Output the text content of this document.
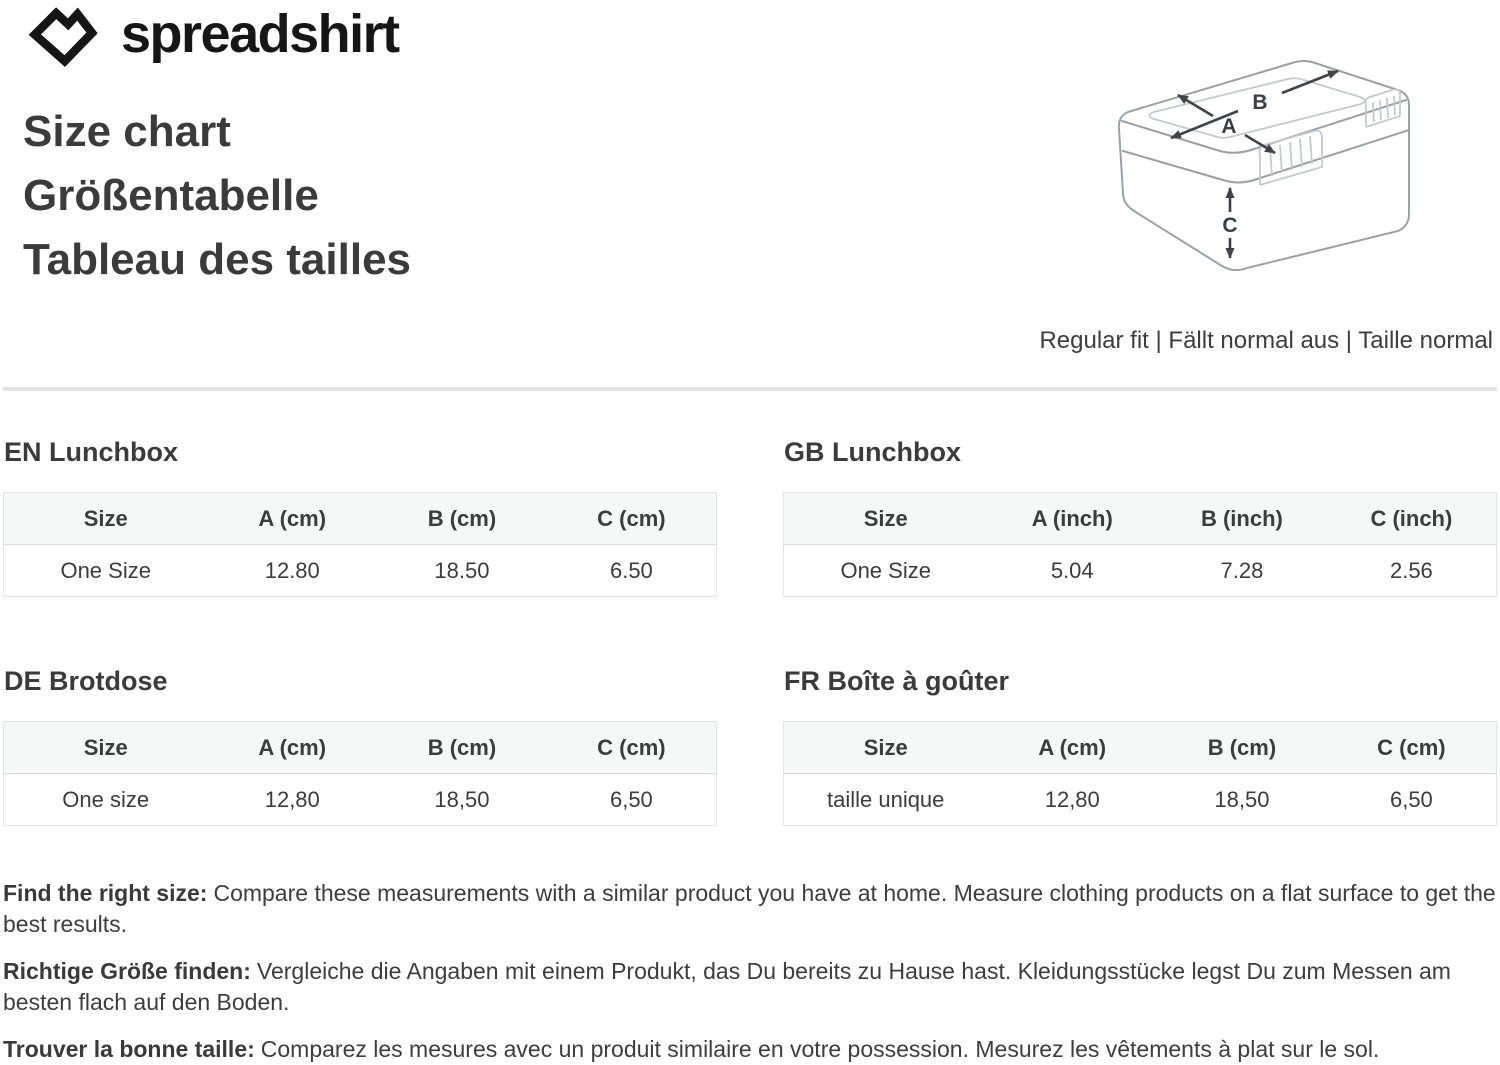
spreadshirt
Size chart
Größentabelle
Tableau des tailles
B
A
C
Regular fit | Fällt normal aus | Taille normal
EN Lunchbox
Size	A (cm)	B (cm)	C (cm)
One Size	12.80	18.50	6.50
GB Lunchbox
Size	A (inch)	B (inch)	C (inch)
One Size	5.04	7.28	2.56
DE Brotdose
Size	A (cm)	B (cm)	C (cm)
One size	12,80	18,50	6,50
FR Boîte à goûter
Size	A (cm)	B (cm)	C (cm)
taille unique	12,80	18,50	6,50

Find the right size: Compare these measurements with a similar product you have at home. Measure clothing products on a flat surface to get the best results.

Richtige Größe finden: Vergleiche die Angaben mit einem Produkt, das Du bereits zu Hause hast. Kleidungsstücke legst Du zum Messen am besten flach auf den Boden.

Trouver la bonne taille: Comparez les mesures avec un produit similaire en votre possession. Mesurez les vêtements à plat sur le sol.
